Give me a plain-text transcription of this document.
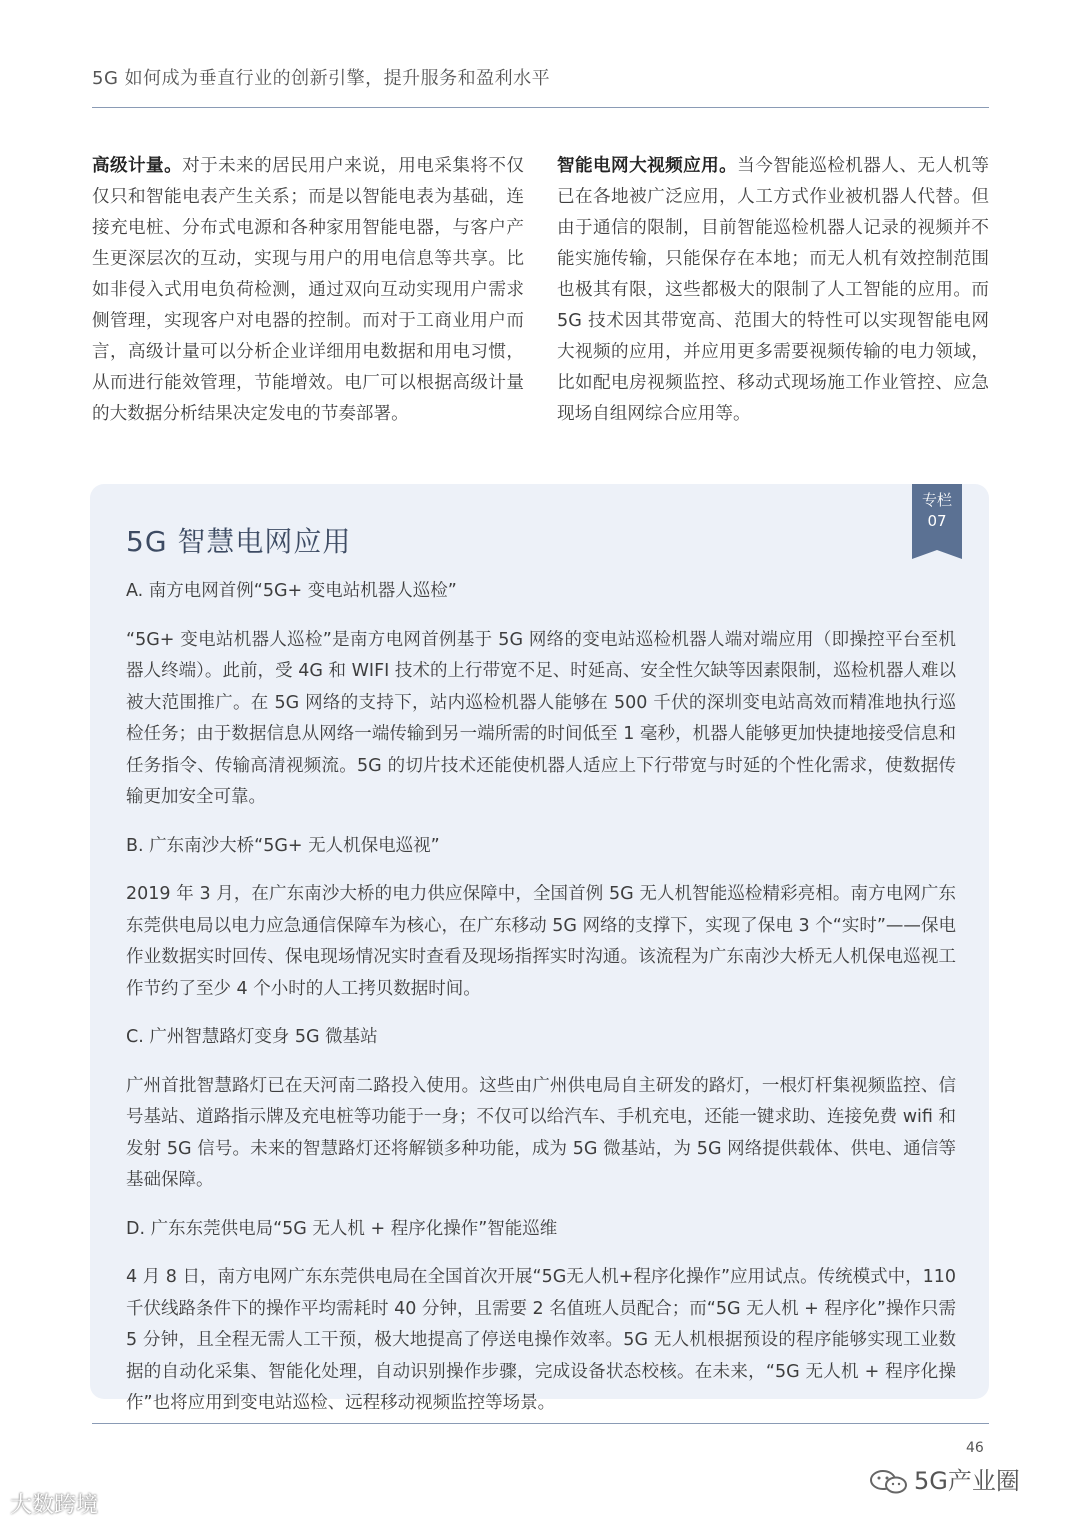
5G 如何成为垂直行业的创新引擎，提升服务和盈利水平
高级计量。对于未来的居民用户来说，用电采集将不仅仅只和智能电表产生关系；而是以智能电表为基础，连接充电桩、分布式电源和各种家用智能电器，与客户产生更深层次的互动，实现与用户的用电信息等共享。比如非侵入式用电负荷检测，通过双向互动实现用户需求侧管理，实现客户对电器的控制。而对于工商业用户而言，高级计量可以分析企业详细用电数据和用电习惯，从而进行能效管理，节能增效。电厂可以根据高级计量的大数据分析结果决定发电的节奏部署。
智能电网大视频应用。当今智能巡检机器人、无人机等已在各地被广泛应用，人工方式作业被机器人代替。但由于通信的限制，目前智能巡检机器人记录的视频并不能实施传输，只能保存在本地；而无人机有效控制范围也极其有限，这些都极大的限制了人工智能的应用。而 5G 技术因其带宽高、范围大的特性可以实现智能电网大视频的应用，并应用更多需要视频传输的电力领域，比如配电房视频监控、移动式现场施工作业管控、应急现场自组网综合应用等。
专栏
07
5G 智慧电网应用
A. 南方电网首例“5G+ 变电站机器人巡检”
“5G+ 变电站机器人巡检”是南方电网首例基于 5G 网络的变电站巡检机器人端对端应用（即操控平台至机器人终端）。此前，受 4G 和 WIFI 技术的上行带宽不足、时延高、安全性欠缺等因素限制，巡检机器人难以被大范围推广。在 5G 网络的支持下，站内巡检机器人能够在 500 千伏的深圳变电站高效而精准地执行巡检任务；由于数据信息从网络一端传输到另一端所需的时间低至 1 毫秒，机器人能够更加快捷地接受信息和任务指令、传输高清视频流。5G 的切片技术还能使机器人适应上下行带宽与时延的个性化需求，使数据传输更加安全可靠。
B. 广东南沙大桥“5G+ 无人机保电巡视”
2019 年 3 月，在广东南沙大桥的电力供应保障中，全国首例 5G 无人机智能巡检精彩亮相。南方电网广东东莞供电局以电力应急通信保障车为核心，在广东移动 5G 网络的支撑下，实现了保电 3 个“实时”——保电作业数据实时回传、保电现场情况实时查看及现场指挥实时沟通。该流程为广东南沙大桥无人机保电巡视工作节约了至少 4 个小时的人工拷贝数据时间。
C. 广州智慧路灯变身 5G 微基站
广州首批智慧路灯已在天河南二路投入使用。这些由广州供电局自主研发的路灯，一根灯杆集视频监控、信号基站、道路指示牌及充电桩等功能于一身；不仅可以给汽车、手机充电，还能一键求助、连接免费 wifi 和发射 5G 信号。未来的智慧路灯还将解锁多种功能，成为 5G 微基站，为 5G 网络提供载体、供电、通信等基础保障。
D. 广东东莞供电局“5G 无人机 + 程序化操作”智能巡维
4 月 8 日，南方电网广东东莞供电局在全国首次开展“5G无人机+程序化操作”应用试点。传统模式中，110 千伏线路条件下的操作平均需耗时 40 分钟，且需要 2 名值班人员配合；而“5G 无人机 + 程序化”操作只需 5 分钟，且全程无需人工干预，极大地提高了停送电操作效率。5G 无人机根据预设的程序能够实现工业数据的自动化采集、智能化处理，自动识别操作步骤，完成设备状态校核。在未来，“5G 无人机 + 程序化操作”也将应用到变电站巡检、远程移动视频监控等场景。
46
5G产业圈
大数跨境
